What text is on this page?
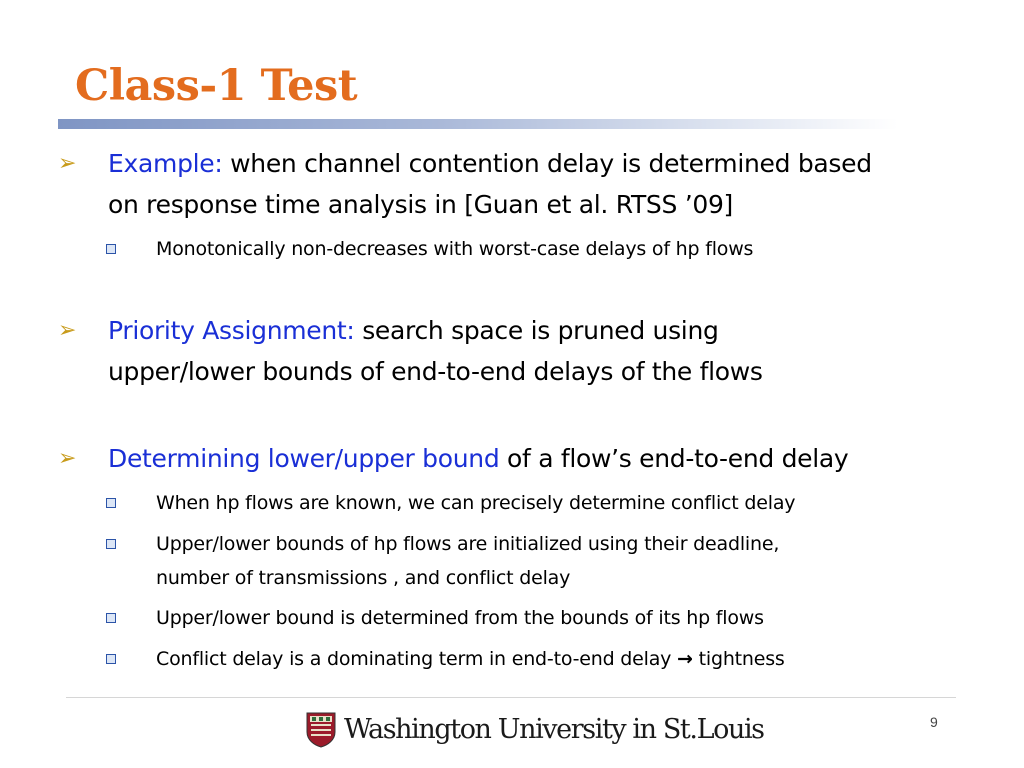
Class-1 Test
➢	Example: when channel contention delay is determined based
on response time analysis in [Guan et al. RTSS ’09]
Monotonically non-decreases with worst-case delays of hp flows
➢	Priority Assignment: search space is pruned using
upper/lower bounds of end-to-end delays of the flows
➢	Determining lower/upper bound of a flow’s end-to-end delay
When hp flows are known, we can precisely determine conflict delay
Upper/lower bounds of hp flows are initialized using their deadline,
number of transmissions , and conflict delay
Upper/lower bound is determined from the bounds of its hp flows
Conflict delay is a dominating term in end-to-end delay → tightness
Washington University in St.Louis	9
